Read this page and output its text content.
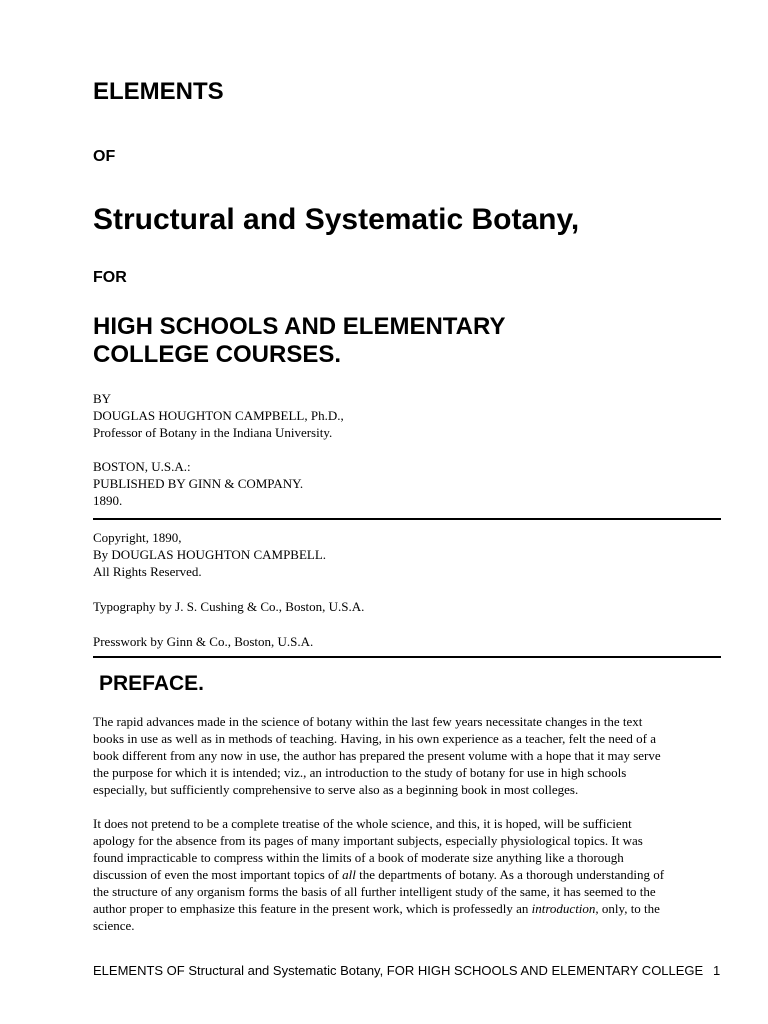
ELEMENTS
OF
Structural and Systematic Botany,
FOR
HIGH SCHOOLS AND ELEMENTARY
COLLEGE COURSES.
BY
DOUGLAS HOUGHTON CAMPBELL, Ph.D.,
Professor of Botany in the Indiana University.
BOSTON, U.S.A.:
PUBLISHED BY GINN & COMPANY.
1890.
Copyright, 1890,
By DOUGLAS HOUGHTON CAMPBELL.
All Rights Reserved.

Typography by J. S. Cushing & Co., Boston, U.S.A.

Presswork by Ginn & Co., Boston, U.S.A.

PREFACE.
The rapid advances made in the science of botany within the last few years necessitate changes in the text
books in use as well as in methods of teaching. Having, in his own experience as a teacher, felt the need of a
book different from any now in use, the author has prepared the present volume with a hope that it may serve
the purpose for which it is intended; viz., an introduction to the study of botany for use in high schools
especially, but sufficiently comprehensive to serve also as a beginning book in most colleges.
It does not pretend to be a complete treatise of the whole science, and this, it is hoped, will be sufficient
apology for the absence from its pages of many important subjects, especially physiological topics. It was
found impracticable to compress within the limits of a book of moderate size anything like a thorough
discussion of even the most important topics of all the departments of botany. As a thorough understanding of
the structure of any organism forms the basis of all further intelligent study of the same, it has seemed to the
author proper to emphasize this feature in the present work, which is professedly an introduction, only, to the
science.
ELEMENTS OF Structural and Systematic Botany, FOR HIGH SCHOOLS AND ELEMENTARY COLLEGE 1
